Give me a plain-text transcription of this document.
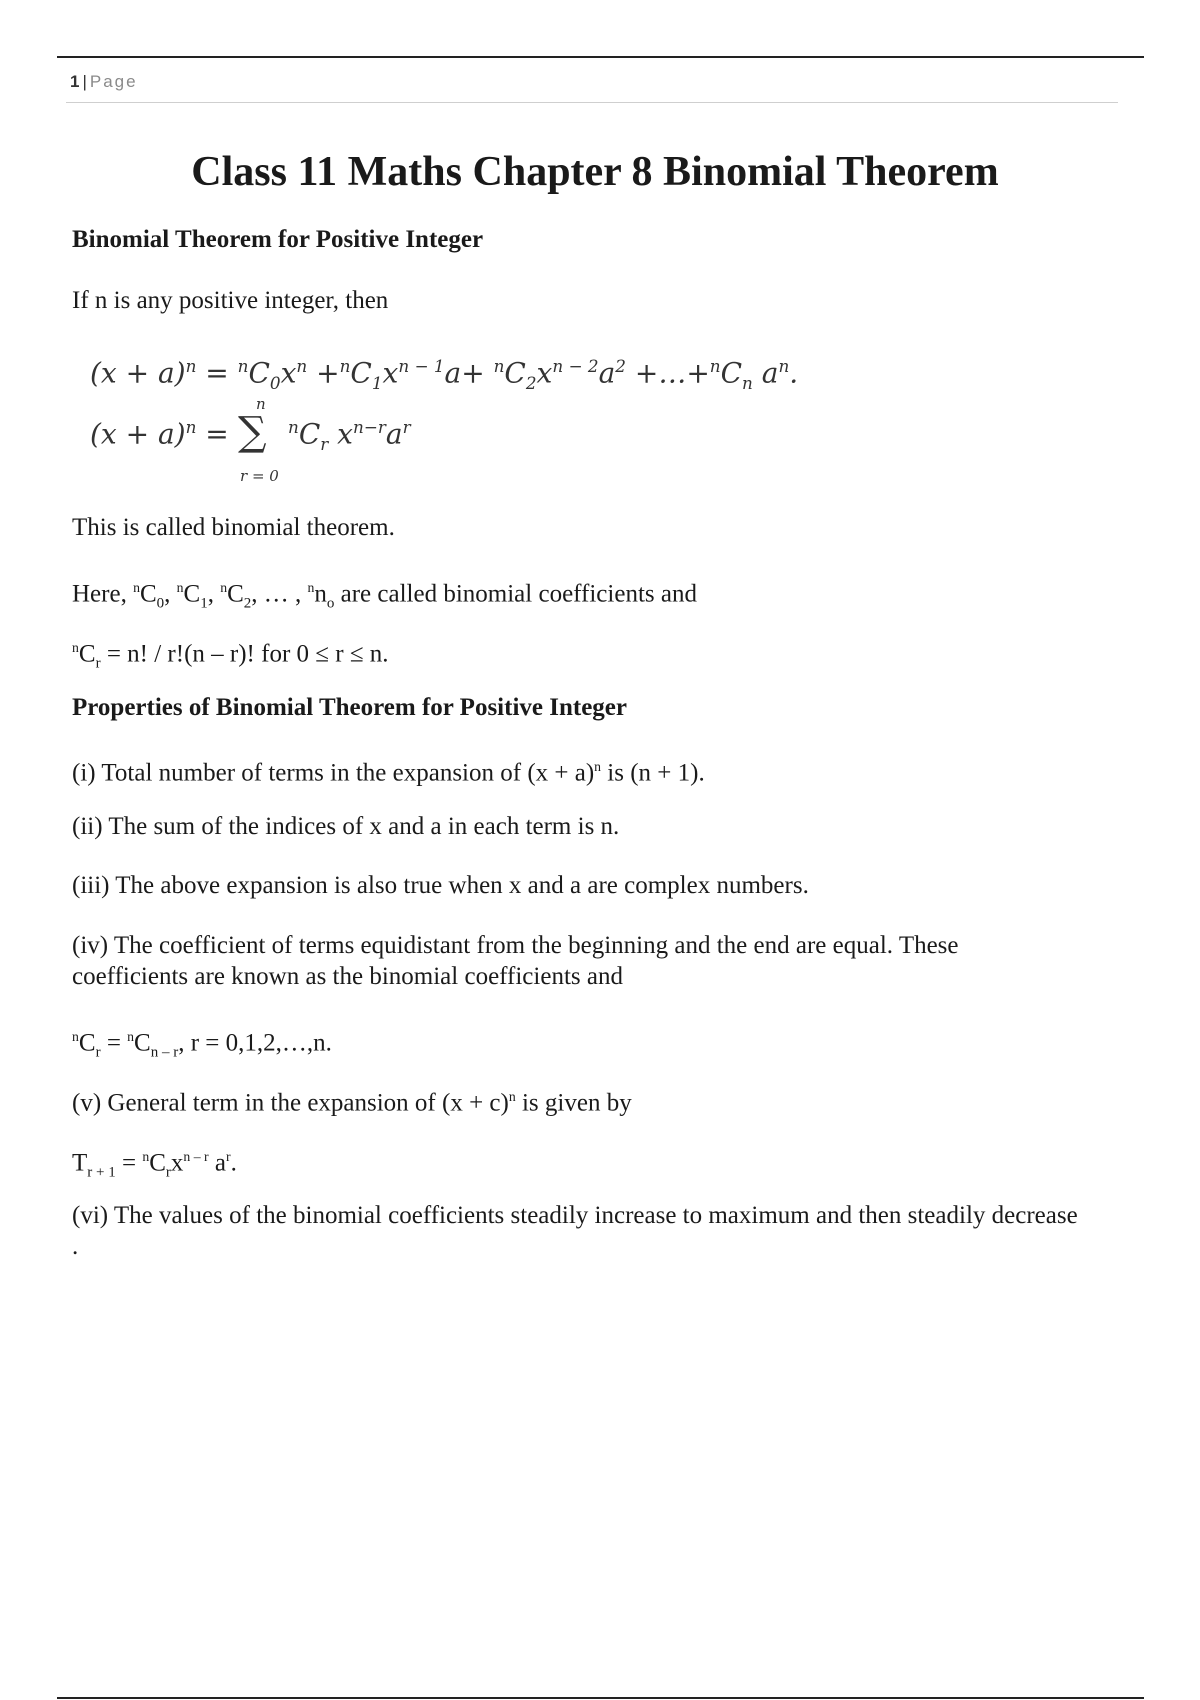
1 | Page
Class 11 Maths Chapter 8 Binomial Theorem

Binomial Theorem for Positive Integer

If n is any positive integer, then

$(x + a)^n = ^nC_0x^n +^nC_1x^{n - 1}a+ ^nC_2x^{n - 2}a^2$ $+\dots+^nC_n$ $a^n$.
$(x + a)^n$ =
n
∑
r = 0
$^nC_r$ $x^{n-r}a^r$

This is called binomial theorem.

Here, $^nC_0$, $^nC_1$, $^nC_2$, … , $^nn_o$ are called binomial coefficients and

$^nC_r = n$! / r!(n – r)! for 0 ≤ r ≤ n.

Properties of Binomial Theorem for Positive Integer

(i) Total number of terms in the expansion of $(x + a)^n$ is (n + 1).

(ii) The sum of the indices of x and a in each term is n.

(iii) The above expansion is also true when x and a are complex numbers.

(iv) The coefficient of terms equidistant from the beginning and the end are equal. These coefficients are known as the binomial coefficients and

$^nC_r = ^nC_{n - r}$, r = 0,1,2,…,n.

(v) General term in the expansion of $(x + c)^n$ is given by

$T_{r + 1} = ^nC_rx^{n - r}$ $a^r$.

(vi) The values of the binomial coefficients steadily increase to maximum and then steadily decrease .
